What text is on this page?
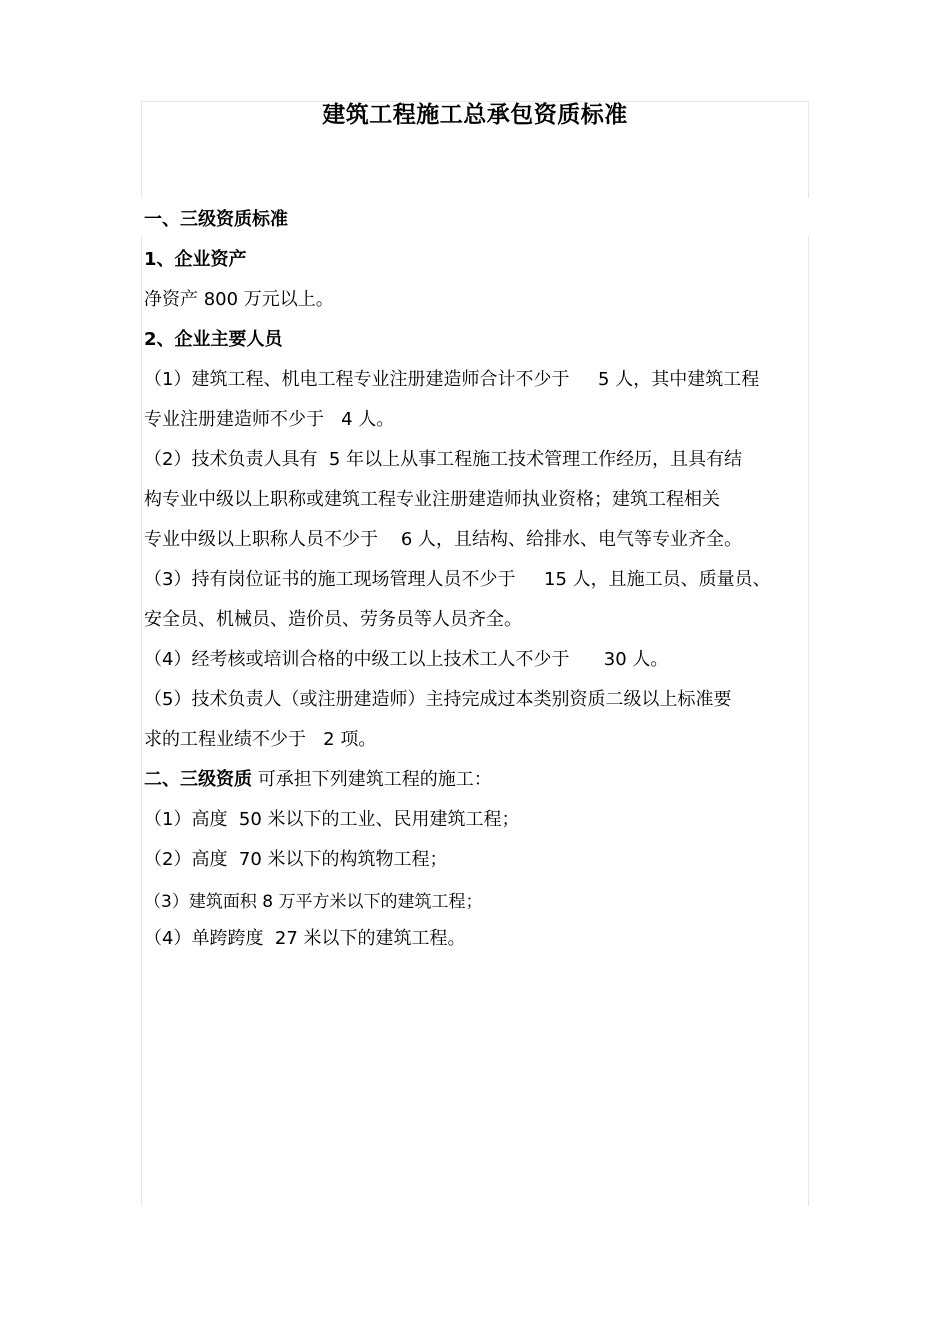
建筑工程施工总承包资质标准

一、三级资质标准

1、企业资产

净资产 800 万元以上。

2、企业主要人员

（1）建筑工程、机电工程专业注册建造师合计不少于     5 人，其中建筑工程

专业注册建造师不少于   4 人。

（2）技术负责人具有  5 年以上从事工程施工技术管理工作经历，且具有结

构专业中级以上职称或建筑工程专业注册建造师执业资格；建筑工程相关

专业中级以上职称人员不少于    6 人，且结构、给排水、电气等专业齐全。

（3）持有岗位证书的施工现场管理人员不少于     15 人，且施工员、质量员、

安全员、机械员、造价员、劳务员等人员齐全。

（4）经考核或培训合格的中级工以上技术工人不少于      30 人。

（5）技术负责人（或注册建造师）主持完成过本类别资质二级以上标准要

求的工程业绩不少于   2 项。

二、三级资质 可承担下列建筑工程的施工：

（1）高度  50 米以下的工业、民用建筑工程；

（2）高度  70 米以下的构筑物工程；

（3）建筑面积 8 万平方米以下的建筑工程；

（4）单跨跨度  27 米以下的建筑工程。
